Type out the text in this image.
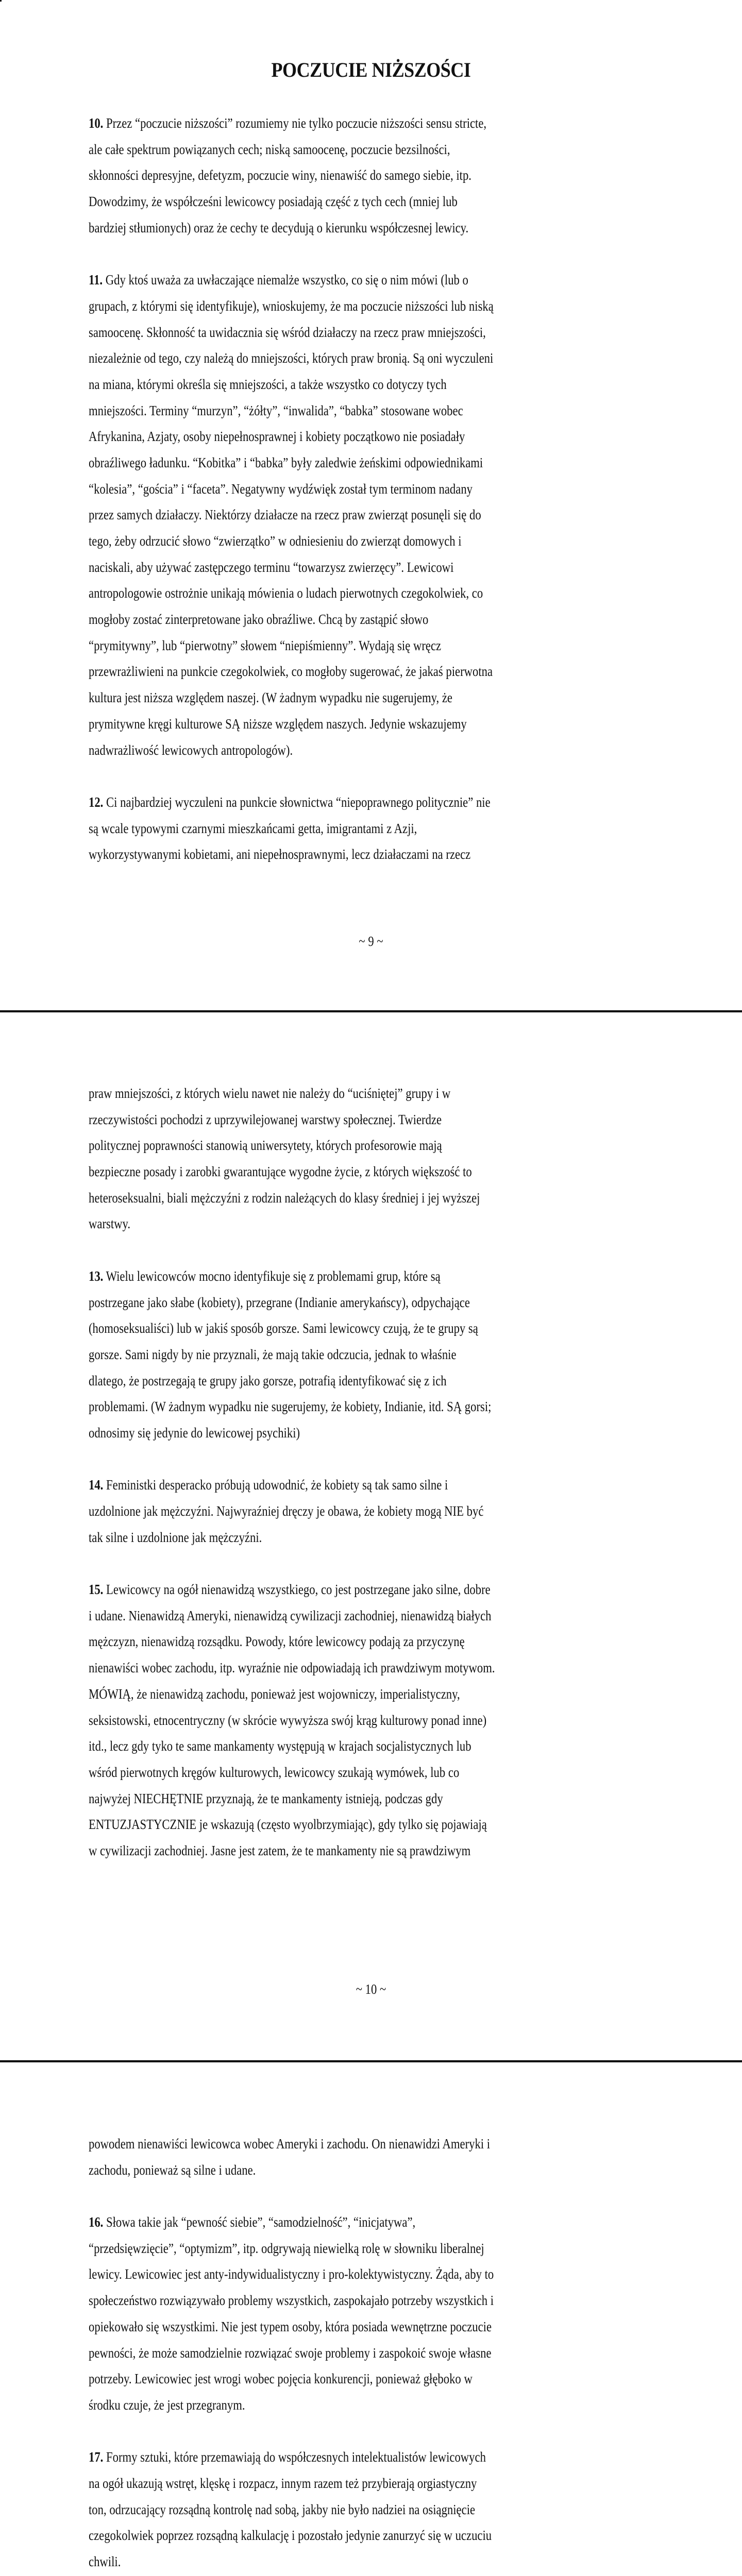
POCZUCIE NIŻSZOŚCI
10. Przez “poczucie niższości” rozumiemy nie tylko poczucie niższości sensu stricte,
ale całe spektrum powiązanych cech; niską samoocenę, poczucie bezsilności,
skłonności depresyjne, defetyzm, poczucie winy, nienawiść do samego siebie, itp.
Dowodzimy, że współcześni lewicowcy posiadają część z tych cech (mniej lub
bardziej stłumionych) oraz że cechy te decydują o kierunku współczesnej lewicy.
11. Gdy ktoś uważa za uwłaczające niemalże wszystko, co się o nim mówi (lub o
grupach, z którymi się identyfikuje), wnioskujemy, że ma poczucie niższości lub niską
samoocenę. Skłonność ta uwidacznia się wśród działaczy na rzecz praw mniejszości,
niezależnie od tego, czy należą do mniejszości, których praw bronią. Są oni wyczuleni
na miana, którymi określa się mniejszości, a także wszystko co dotyczy tych
mniejszości. Terminy “murzyn”, “żółty”, “inwalida”, “babka” stosowane wobec
Afrykanina, Azjaty, osoby niepełnosprawnej i kobiety początkowo nie posiadały
obraźliwego ładunku. “Kobitka” i “babka” były zaledwie żeńskimi odpowiednikami
“kolesia”, “gościa” i “faceta”. Negatywny wydźwięk został tym terminom nadany
przez samych działaczy. Niektórzy działacze na rzecz praw zwierząt posunęli się do
tego, żeby odrzucić słowo “zwierzątko” w odniesieniu do zwierząt domowych i
naciskali, aby używać zastępczego terminu “towarzysz zwierzęcy”. Lewicowi
antropologowie ostrożnie unikają mówienia o ludach pierwotnych czegokolwiek, co
mogłoby zostać zinterpretowane jako obraźliwe. Chcą by zastąpić słowo
“prymitywny”, lub “pierwotny” słowem “niepiśmienny”. Wydają się wręcz
przewrażliwieni na punkcie czegokolwiek, co mogłoby sugerować, że jakaś pierwotna
kultura jest niższa względem naszej. (W żadnym wypadku nie sugerujemy, że
prymitywne kręgi kulturowe SĄ niższe względem naszych. Jedynie wskazujemy
nadwrażliwość lewicowych antropologów).
12. Ci najbardziej wyczuleni na punkcie słownictwa “niepoprawnego politycznie” nie
są wcale typowymi czarnymi mieszkańcami getta, imigrantami z Azji,
wykorzystywanymi kobietami, ani niepełnosprawnymi, lecz działaczami na rzecz
~ 9 ~
praw mniejszości, z których wielu nawet nie należy do “uciśniętej” grupy i w
rzeczywistości pochodzi z uprzywilejowanej warstwy społecznej. Twierdze
politycznej poprawności stanowią uniwersytety, których profesorowie mają
bezpieczne posady i zarobki gwarantujące wygodne życie, z których większość to
heteroseksualni, biali mężczyźni z rodzin należących do klasy średniej i jej wyższej
warstwy.
13. Wielu lewicowców mocno identyfikuje się z problemami grup, które są
postrzegane jako słabe (kobiety), przegrane (Indianie amerykańscy), odpychające
(homoseksualiści) lub w jakiś sposób gorsze. Sami lewicowcy czują, że te grupy są
gorsze. Sami nigdy by nie przyznali, że mają takie odczucia, jednak to właśnie
dlatego, że postrzegają te grupy jako gorsze, potrafią identyfikować się z ich
problemami. (W żadnym wypadku nie sugerujemy, że kobiety, Indianie, itd. SĄ gorsi;
odnosimy się jedynie do lewicowej psychiki)
14. Feministki desperacko próbują udowodnić, że kobiety są tak samo silne i
uzdolnione jak mężczyźni. Najwyraźniej dręczy je obawa, że kobiety mogą NIE być
tak silne i uzdolnione jak mężczyźni.
15. Lewicowcy na ogół nienawidzą wszystkiego, co jest postrzegane jako silne, dobre
i udane. Nienawidzą Ameryki, nienawidzą cywilizacji zachodniej, nienawidzą białych
mężczyzn, nienawidzą rozsądku. Powody, które lewicowcy podają za przyczynę
nienawiści wobec zachodu, itp. wyraźnie nie odpowiadają ich prawdziwym motywom.
MÓWIĄ, że nienawidzą zachodu, ponieważ jest wojowniczy, imperialistyczny,
seksistowski, etnocentryczny (w skrócie wywyższa swój krąg kulturowy ponad inne)
itd., lecz gdy tyko te same mankamenty występują w krajach socjalistycznych lub
wśród pierwotnych kręgów kulturowych, lewicowcy szukają wymówek, lub co
najwyżej NIECHĘTNIE przyznają, że te mankamenty istnieją, podczas gdy
ENTUZJASTYCZNIE je wskazują (często wyolbrzymiając), gdy tylko się pojawiają
w cywilizacji zachodniej. Jasne jest zatem, że te mankamenty nie są prawdziwym
~ 10 ~
powodem nienawiści lewicowca wobec Ameryki i zachodu. On nienawidzi Ameryki i
zachodu, ponieważ są silne i udane.
16. Słowa takie jak “pewność siebie”, “samodzielność”, “inicjatywa”,
“przedsięwzięcie”, “optymizm”, itp. odgrywają niewielką rolę w słowniku liberalnej
lewicy. Lewicowiec jest anty-indywidualistyczny i pro-kolektywistyczny. Żąda, aby to
społeczeństwo rozwiązywało problemy wszystkich, zaspokajało potrzeby wszystkich i
opiekowało się wszystkimi. Nie jest typem osoby, która posiada wewnętrzne poczucie
pewności, że może samodzielnie rozwiązać swoje problemy i zaspokoić swoje własne
potrzeby. Lewicowiec jest wrogi wobec pojęcia konkurencji, ponieważ głęboko w
środku czuje, że jest przegranym.
17. Formy sztuki, które przemawiają do współczesnych intelektualistów lewicowych
na ogół ukazują wstręt, klęskę i rozpacz, innym razem też przybierają orgiastyczny
ton, odrzucający rozsądną kontrolę nad sobą, jakby nie było nadziei na osiągnięcie
czegokolwiek poprzez rozsądną kalkulację i pozostało jedynie zanurzyć się w uczuciu
chwili.
